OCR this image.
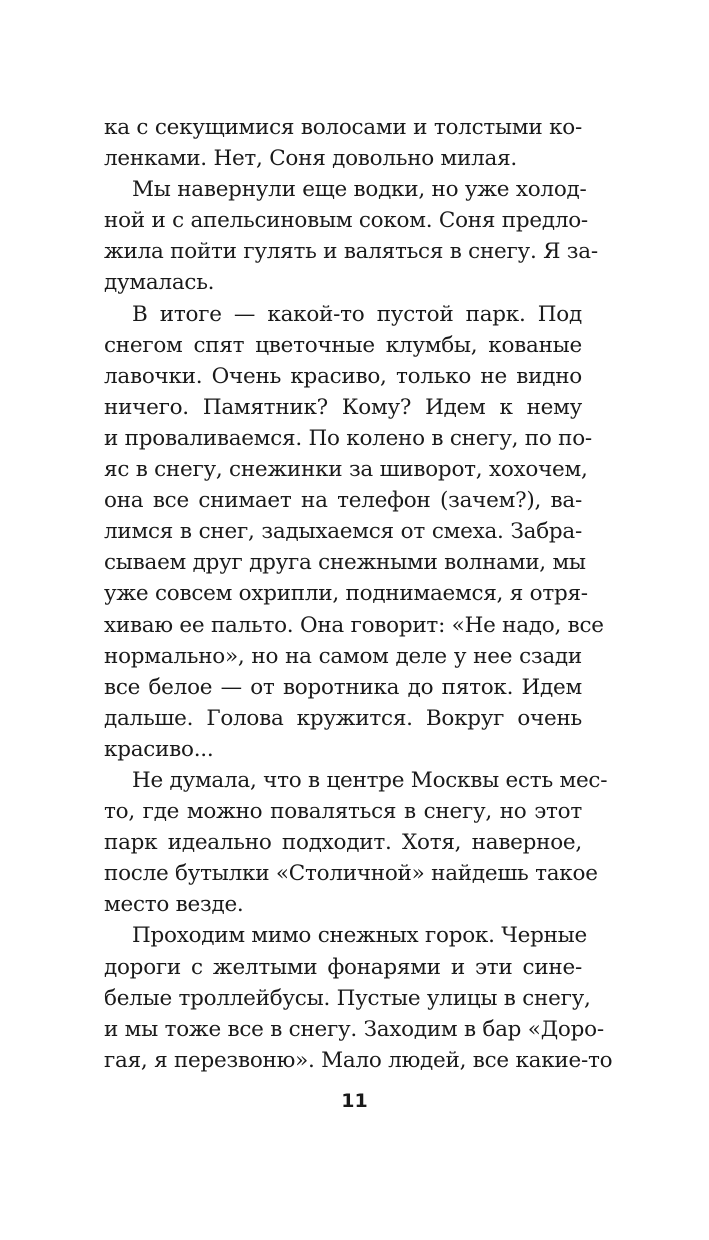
ка с секущимися волосами и толстыми ко-
ленками. Нет, Соня довольно милая.
Мы навернули еще водки, но уже холод-
ной и с апельсиновым соком. Соня предло-
жила пойти гулять и валяться в снегу. Я за-
думалась.
В итоге — какой-то пустой парк. Под
снегом спят цветочные клумбы, кованые
лавочки. Очень красиво, только не видно
ничего. Памятник? Кому? Идем к нему
и проваливаемся. По колено в снегу, по по-
яс в снегу, снежинки за шиворот, хохочем,
она все снимает на телефон (зачем?), ва-
лимся в снег, задыхаемся от смеха. Забра-
сываем друг друга снежными волнами, мы
уже совсем охрипли, поднимаемся, я отря-
хиваю ее пальто. Она говорит: «Не надо, все
нормально», но на самом деле у нее сзади
все белое — от воротника до пяток. Идем
дальше. Голова кружится. Вокруг очень
красиво...
Не думала, что в центре Москвы есть мес-
то, где можно поваляться в снегу, но этот
парк идеально подходит. Хотя, наверное,
после бутылки «Столичной» найдешь такое
место везде.
Проходим мимо снежных горок. Черные
дороги с желтыми фонарями и эти сине-
белые троллейбусы. Пустые улицы в снегу,
и мы тоже все в снегу. Заходим в бар «Доро-
гая, я перезвоню». Мало людей, все какие-то
11
